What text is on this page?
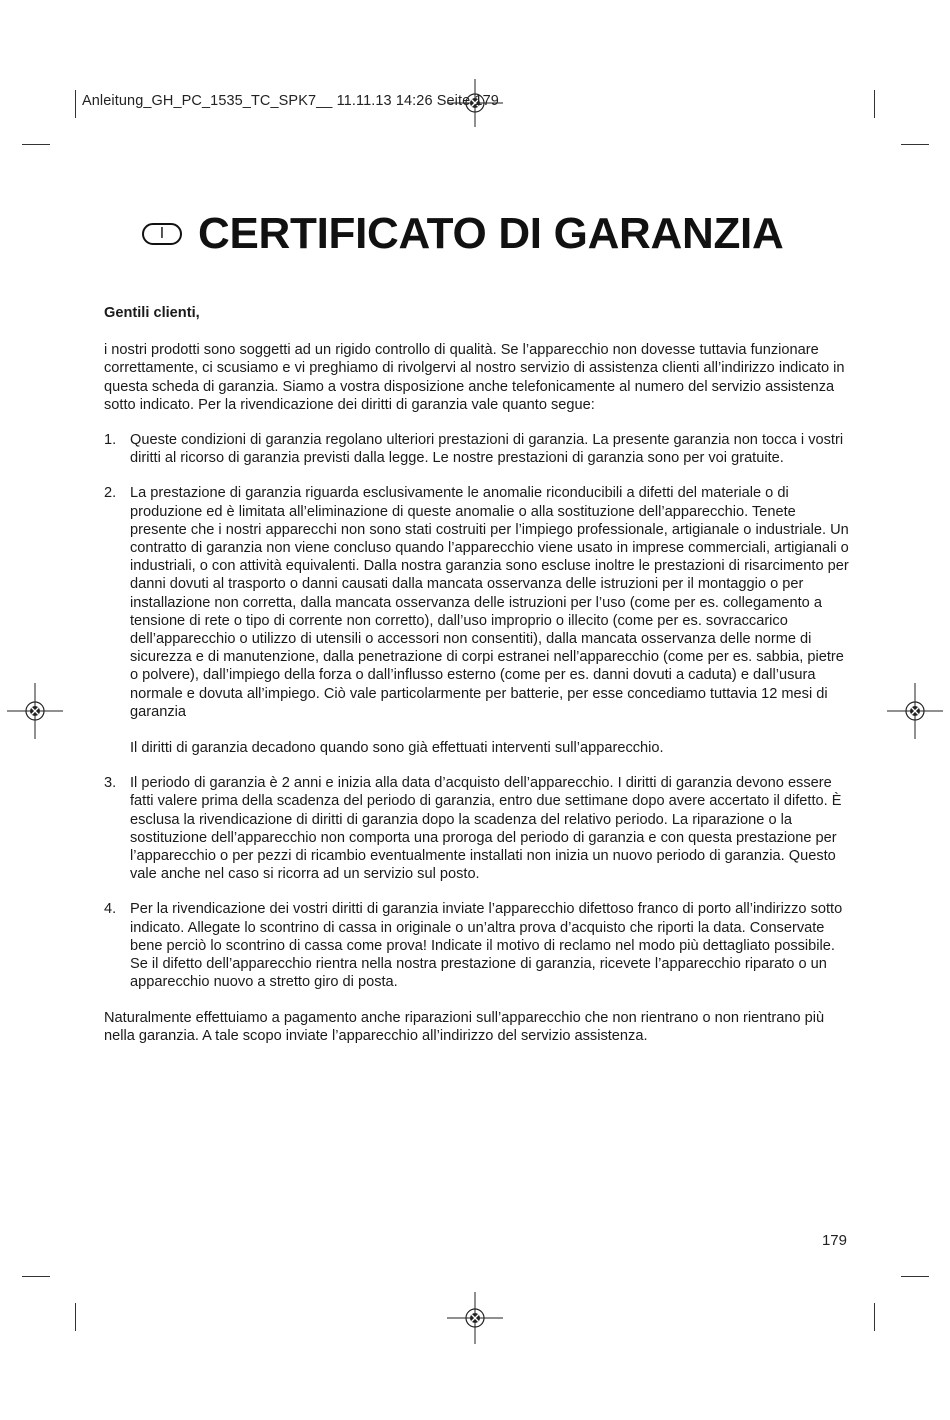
Anleitung_GH_PC_1535_TC_SPK7__ 11.11.13 14:26 Seite 179
I CERTIFICATO DI GARANZIA

Gentili clienti,

i nostri prodotti sono soggetti ad un rigido controllo di qualità. Se l’apparecchio non dovesse tuttavia funzionare correttamente, ci scusiamo e vi preghiamo di rivolgervi al nostro servizio di assistenza clienti all’indirizzo indicato in questa scheda di garanzia. Siamo a vostra disposizione anche telefonicamente al numero del servizio assistenza sotto indicato. Per la rivendicazione dei diritti di garanzia vale quanto segue:

1. Queste condizioni di garanzia regolano ulteriori prestazioni di garanzia. La presente garanzia non tocca i vostri diritti al ricorso di garanzia previsti dalla legge. Le nostre prestazioni di garanzia sono per voi gratuite.
2. La prestazione di garanzia riguarda esclusivamente le anomalie riconducibili a difetti del materiale o di produzione ed è limitata all’eliminazione di queste anomalie o alla sostituzione dell’apparecchio. Tenete presente che i nostri apparecchi non sono stati costruiti per l’impiego professionale, artigianale o industriale. Un contratto di garanzia non viene concluso quando l’apparecchio viene usato in imprese commerciali, artigianali o industriali, o con attività equivalenti. Dalla nostra garanzia sono escluse inoltre le prestazioni di risarcimento per danni dovuti al trasporto o danni causati dalla mancata osservanza delle istruzioni per il montaggio o per installazione non corretta, dalla mancata osservanza delle istruzioni per l’uso (come per es. collegamento a tensione di rete o tipo di corrente non corretto), dall’uso improprio o illecito (come per es. sovraccarico dell’apparecchio o utilizzo di utensili o accessori non consentiti), dalla mancata osservanza delle norme di sicurezza e di manutenzione, dalla penetrazione di corpi estranei nell’apparecchio (come per es. sabbia, pietre o polvere), dall’impiego della forza o dall’influsso esterno (come per es. danni dovuti a caduta) e dall’usura normale e dovuta all’impiego. Ciò vale particolarmente per batterie, per esse concediamo tuttavia 12 mesi di garanzia
Il diritti di garanzia decadono quando sono già effettuati interventi sull’apparecchio.
3. Il periodo di garanzia è 2 anni e inizia alla data d’acquisto dell’apparecchio. I diritti di garanzia devono essere fatti valere prima della scadenza del periodo di garanzia, entro due settimane dopo avere accertato il difetto. È esclusa la rivendicazione di diritti di garanzia dopo la scadenza del relativo periodo. La riparazione o la sostituzione dell’apparecchio non comporta una proroga del periodo di garanzia e con questa prestazione per l’apparecchio o per pezzi di ricambio eventualmente installati non inizia un nuovo periodo di garanzia. Questo vale anche nel caso si ricorra ad un servizio sul posto.
4. Per la rivendicazione dei vostri diritti di garanzia inviate l’apparecchio difettoso franco di porto all’indirizzo sotto indicato. Allegate lo scontrino di cassa in originale o un’altra prova d’acquisto che riporti la data. Conservate bene perciò lo scontrino di cassa come prova! Indicate il motivo di reclamo nel modo più dettagliato possibile. Se il difetto dell’apparecchio rientra nella nostra prestazione di garanzia, ricevete l’apparecchio riparato o un apparecchio nuovo a stretto giro di posta.

Naturalmente effettuiamo a pagamento anche riparazioni sull’apparecchio che non rientrano o non rientrano più nella garanzia. A tale scopo inviate l’apparecchio all’indirizzo del servizio assistenza.

179
